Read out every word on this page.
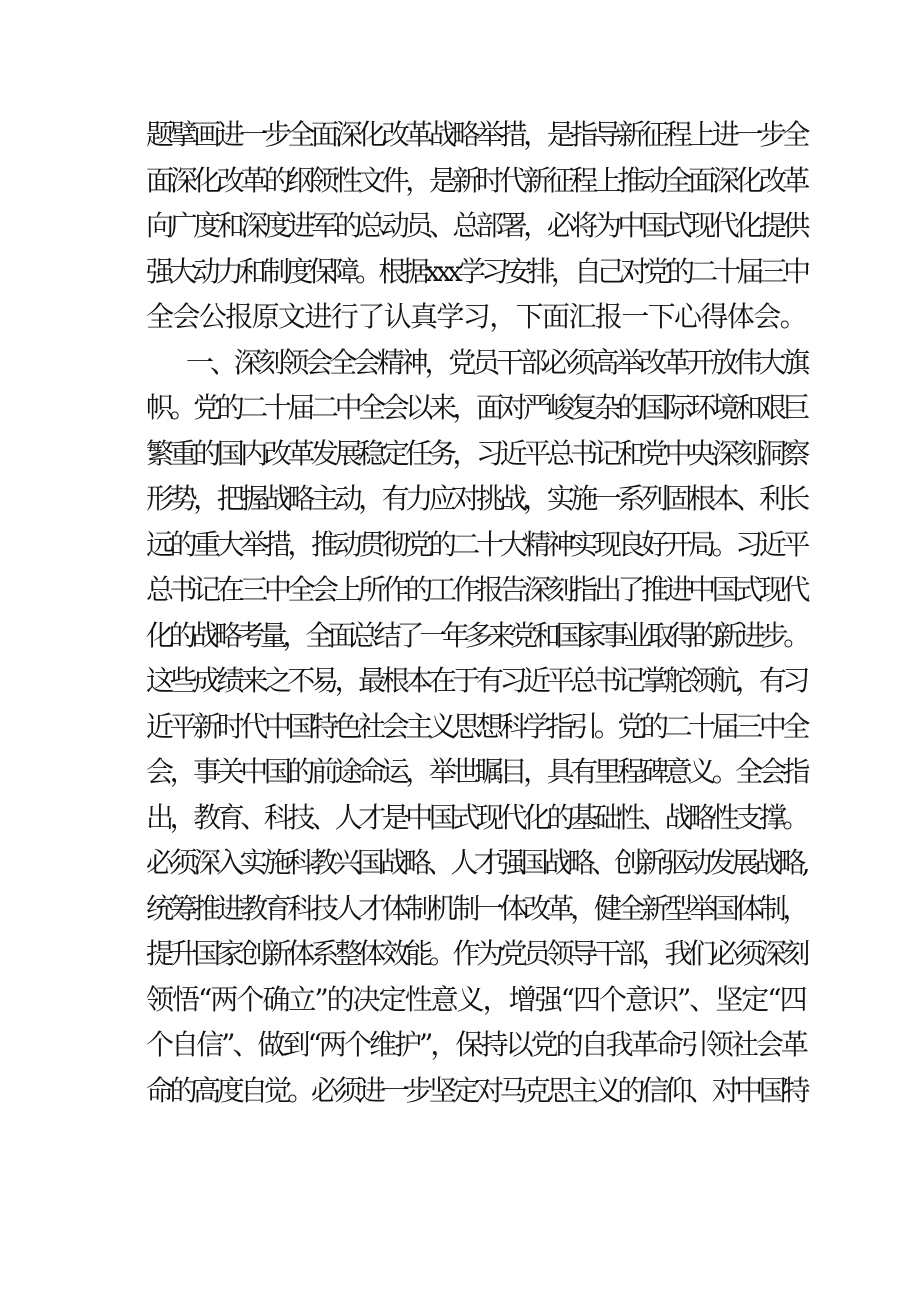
题擘画进一步全面深化改革战略举措，是指导新征程上进一步全
面深化改革的纲领性文件，是新时代新征程上推动全面深化改革
向广度和深度进军的总动员、总部署，必将为中国式现代化提供
强大动力和制度保障。根据xxx学习安排，自己对党的二十届三中
全会公报原文进行了认真学习，下面汇报一下心得体会。
一、深刻领会全会精神，党员干部必须高举改革开放伟大旗
帜。党的二十届二中全会以来，面对严峻复杂的国际环境和艰巨
繁重的国内改革发展稳定任务，习近平总书记和党中央深刻洞察
形势，把握战略主动，有力应对挑战，实施一系列固根本、利长
远的重大举措，推动贯彻党的二十大精神实现良好开局。习近平
总书记在三中全会上所作的工作报告深刻指出了推进中国式现代
化的战略考量，全面总结了一年多来党和国家事业取得的新进步。
这些成绩来之不易，最根本在于有习近平总书记掌舵领航，有习
近平新时代中国特色社会主义思想科学指引。党的二十届三中全
会，事关中国的前途命运，举世瞩目，具有里程碑意义。全会指
出，教育、科技、人才是中国式现代化的基础性、战略性支撑。
必须深入实施科教兴国战略、人才强国战略、创新驱动发展战略,
统筹推进教育科技人才体制机制一体改革，健全新型举国体制，
提升国家创新体系整体效能。作为党员领导干部，我们必须深刻
领悟“两个确立”的决定性意义，增强“四个意识”、坚定“四
个自信”、做到“两个维护”，保持以党的自我革命引领社会革
命的高度自觉。必须进一步坚定对马克思主义的信仰、对中国特
